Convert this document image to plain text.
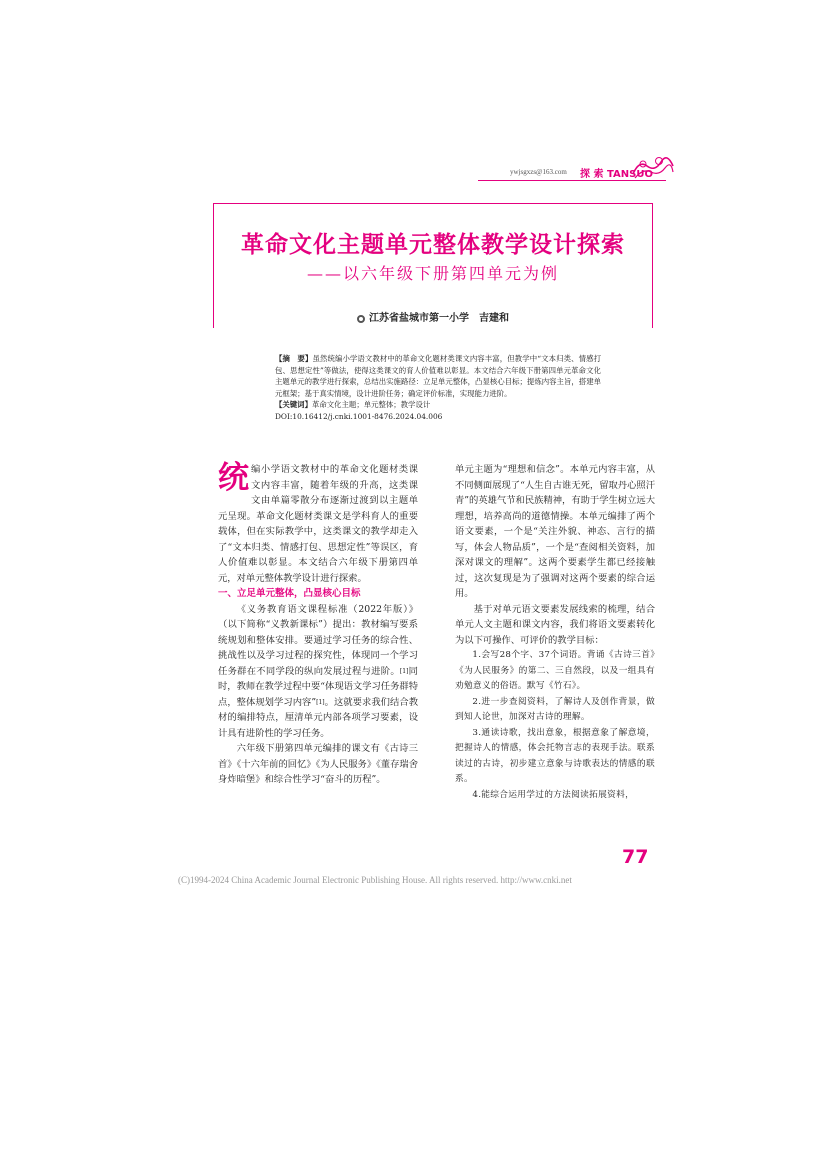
ywjsgxzs@163.com 探 索 TANSUO
革命文化主题单元整体教学设计探索
——以六年级下册第四单元为例
江苏省盐城市第一小学　吉建和

【摘　要】虽然统编小学语文教材中的革命文化题材类课文内容丰富，但教学中“文本归类、情感打包、思想定性”等做法，使得这类课文的育人价值难以彰显。本文结合六年级下册第四单元革命文化主题单元的教学进行探索，总结出实施路径：立足单元整体，凸显核心目标；提炼内容主旨，搭建单元框架；基于真实情境，设计进阶任务；确定评价标准，实现能力进阶。

【关键词】革命文化主题；单元整体；教学设计

DOI:10.16412/j.cnki.1001-8476.2024.04.006

统编小学语文教材中的革命文化题材类课文内容丰富，随着年级的升高，这类课文由单篇零散分布逐渐过渡到以主题单元呈现。革命文化题材类课文是学科育人的重要载体，但在实际教学中，这类课文的教学却走入了“文本归类、情感打包、思想定性”等误区，育人价值难以彰显。本文结合六年级下册第四单元，对单元整体教学设计进行探索。

一、立足单元整体，凸显核心目标

《义务教育语文课程标准（2022年版）》（以下简称“义教新课标”）提出：教材编写要系统规划和整体安排。要通过学习任务的综合性、挑战性以及学习过程的探究性，体现同一个学习任务群在不同学段的纵向发展过程与进阶。[1]同时，教师在教学过程中要“体现语文学习任务群特点，整体规划学习内容”[1]。这就要求我们结合教材的编排特点，厘清单元内部各项学习要素，设计具有进阶性的学习任务。

六年级下册第四单元编排的课文有《古诗三首》《十六年前的回忆》《为人民服务》《董存瑞舍身炸暗堡》和综合性学习“奋斗的历程”。

单元主题为“理想和信念”。本单元内容丰富，从不同侧面展现了“人生自古谁无死，留取丹心照汗青”的英雄气节和民族精神，有助于学生树立远大理想，培养高尚的道德情操。本单元编排了两个语文要素，一个是“关注外貌、神态、言行的描写，体会人物品质”，一个是“查阅相关资料，加深对课文的理解”。这两个要素学生都已经接触过，这次复现是为了强调对这两个要素的综合运用。

基于对单元语文要素发展线索的梳理，结合单元人文主题和课文内容，我们将语文要素转化为以下可操作、可评价的教学目标：

1.会写28个字、37个词语。背诵《古诗三首》《为人民服务》的第二、三自然段，以及一组具有劝勉意义的俗语。默写《竹石》。

2.进一步查阅资料，了解诗人及创作背景，做到知人论世，加深对古诗的理解。

3.通读诗歌，找出意象，根据意象了解意境，把握诗人的情感，体会托物言志的表现手法。联系读过的古诗，初步建立意象与诗歌表达的情感的联系。

4.能综合运用学过的方法阅读拓展资料，

77
(C)1994-2024 China Academic Journal Electronic Publishing House. All rights reserved. http://www.cnki.net
